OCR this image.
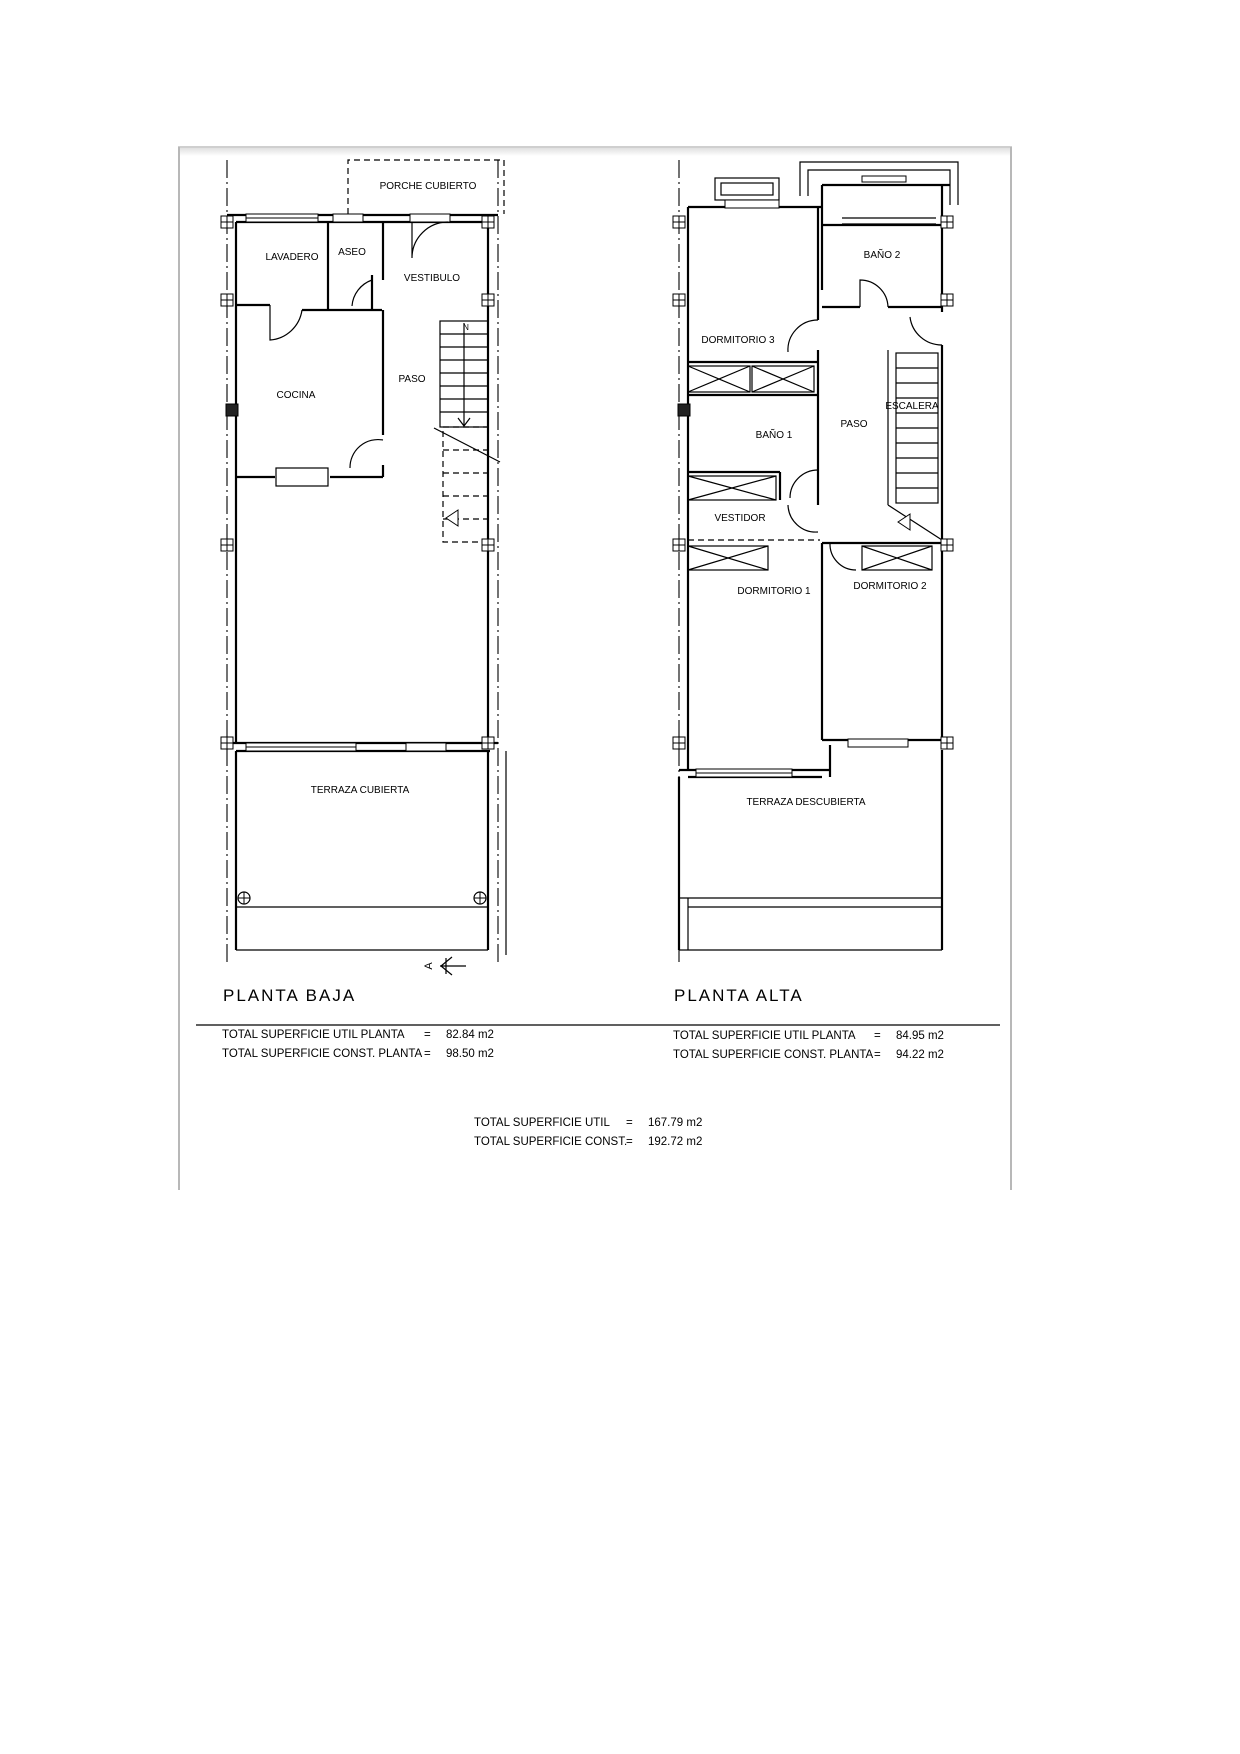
N
A
PORCHE CUBIERTO
LAVADERO ASEO
VESTIBULO
COCINA
PASO
TERRAZA CUBIERTA
BAÑO 2
DORMITORIO 3
ESCALERA
PASO
BAÑO 1
VESTIDOR
DORMITORIO 1	DORMITORIO 2
TERRAZA DESCUBIERTA
PLANTA BAJA	PLANTA ALTA
TOTAL SUPERFICIE UTIL PLANTA = 82.84 m2
TOTAL SUPERFICIE CONST. PLANTA = 98.50 m2
TOTAL SUPERFICIE UTIL PLANTA = 84.95 m2
TOTAL SUPERFICIE CONST. PLANTA = 94.22 m2
TOTAL SUPERFICIE UTIL = 167.79 m2
TOTAL SUPERFICIE CONST.
= 192.72 m2
